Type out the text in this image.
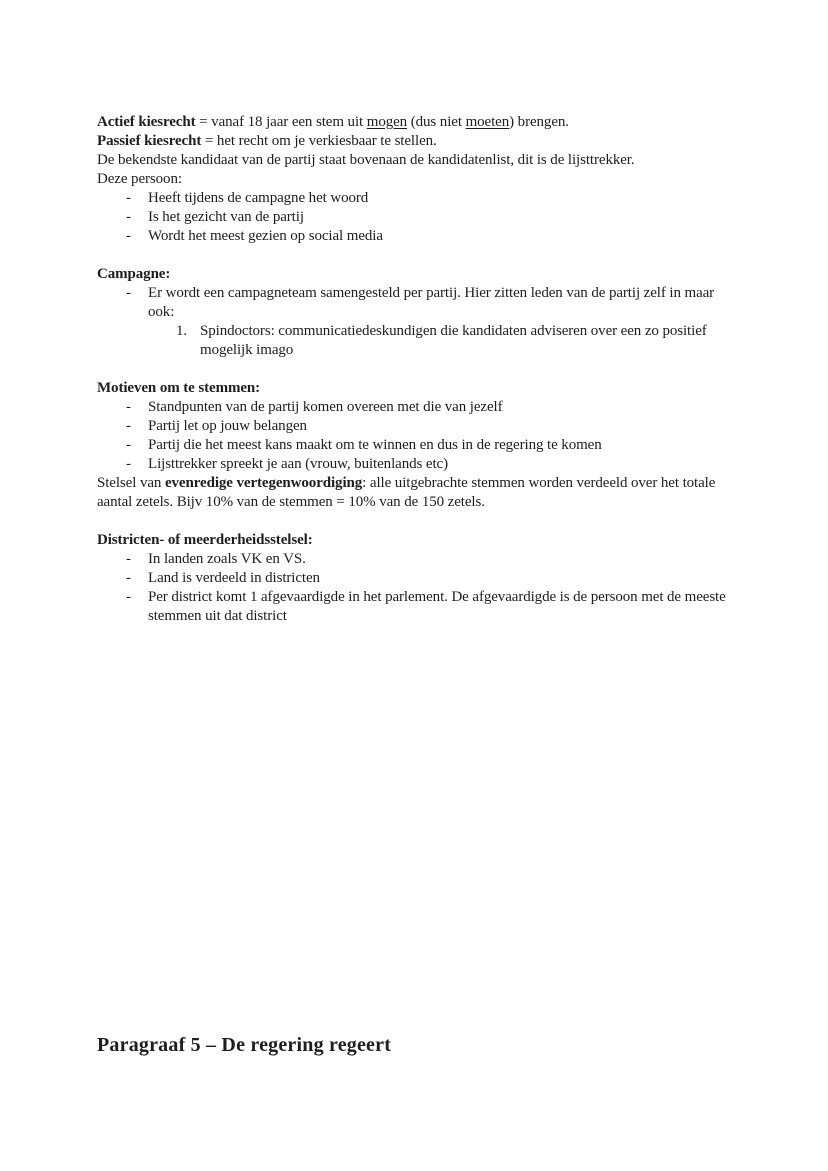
Actief kiesrecht = vanaf 18 jaar een stem uit mogen (dus niet moeten) brengen.
Passief kiesrecht = het recht om je verkiesbaar te stellen.
De bekendste kandidaat van de partij staat bovenaan de kandidatenlist, dit is de lijsttrekker.
Deze persoon:
- Heeft tijdens de campagne het woord
- Is het gezicht van de partij
- Wordt het meest gezien op social media
Campagne:
- Er wordt een campagneteam samengesteld per partij. Hier zitten leden van de partij zelf in maar ook:
1. Spindoctors: communicatiedeskundigen die kandidaten adviseren over een zo positief mogelijk imago
Motieven om te stemmen:
- Standpunten van de partij komen overeen met die van jezelf
- Partij let op jouw belangen
- Partij die het meest kans maakt om te winnen en dus in de regering te komen
- Lijsttrekker spreekt je aan (vrouw, buitenlands etc)
Stelsel van evenredige vertegenwoordiging: alle uitgebrachte stemmen worden verdeeld over het totale aantal zetels. Bijv 10% van de stemmen = 10% van de 150 zetels.
Districten- of meerderheidsstelsel:
- In landen zoals VK en VS.
- Land is verdeeld in districten
- Per district komt 1 afgevaardigde in het parlement. De afgevaardigde is de persoon met de meeste stemmen uit dat district
Paragraaf 5 – De regering regeert
